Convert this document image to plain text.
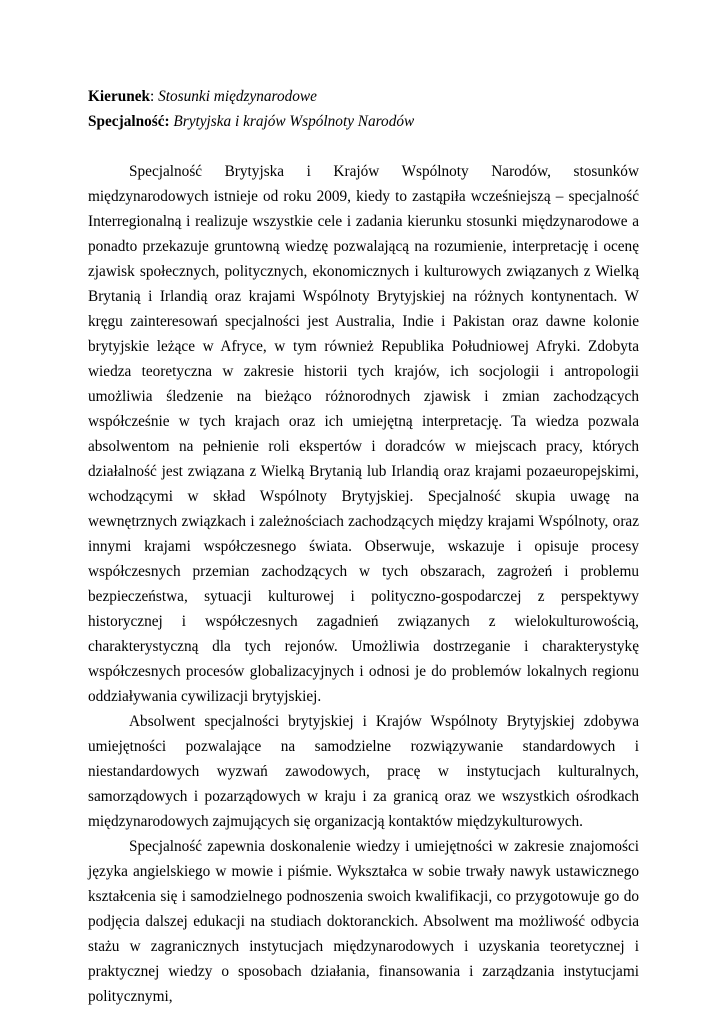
Kierunek: Stosunki międzynarodowe

Specjalność: Brytyjska i krajów Wspólnoty Narodów

Specjalność Brytyjska i Krajów Wspólnoty Narodów, stosunków międzynarodowych istnieje od roku 2009, kiedy to zastąpiła wcześniejszą – specjalność Interregionalną i realizuje wszystkie cele i zadania kierunku stosunki międzynarodowe a ponadto przekazuje gruntowną wiedzę pozwalającą na rozumienie, interpretację i ocenę zjawisk społecznych, politycznych, ekonomicznych i kulturowych związanych z Wielką Brytanią i Irlandią oraz krajami Wspólnoty Brytyjskiej na różnych kontynentach. W kręgu zainteresowań specjalności jest Australia, Indie i Pakistan oraz dawne kolonie brytyjskie leżące w Afryce, w tym również Republika Południowej Afryki. Zdobyta wiedza teoretyczna w zakresie historii tych krajów, ich socjologii i antropologii umożliwia śledzenie na bieżąco różnorodnych zjawisk i zmian zachodzących współcześnie w tych krajach oraz ich umiejętną interpretację. Ta wiedza pozwala absolwentom na pełnienie roli ekspertów i doradców w miejscach pracy, których działalność jest związana z Wielką Brytanią lub Irlandią oraz krajami pozaeuropejskimi, wchodzącymi w skład Wspólnoty Brytyjskiej. Specjalność skupia uwagę na wewnętrznych związkach i zależnościach zachodzących między krajami Wspólnoty, oraz innymi krajami współczesnego świata. Obserwuje, wskazuje i opisuje procesy współczesnych przemian zachodzących w tych obszarach, zagrożeń i problemu bezpieczeństwa, sytuacji kulturowej i polityczno-gospodarczej z perspektywy historycznej i współczesnych zagadnień związanych z wielokulturowością, charakterystyczną dla tych rejonów. Umożliwia dostrzeganie i charakterystykę współczesnych procesów globalizacyjnych i odnosi je do problemów lokalnych regionu oddziaływania cywilizacji brytyjskiej.

Absolwent specjalności brytyjskiej i Krajów Wspólnoty Brytyjskiej zdobywa umiejętności pozwalające na samodzielne rozwiązywanie standardowych i niestandardowych wyzwań zawodowych, pracę w instytucjach kulturalnych, samorządowych i pozarządowych w kraju i za granicą oraz we wszystkich ośrodkach międzynarodowych zajmujących się organizacją kontaktów międzykulturowych.

Specjalność zapewnia doskonalenie wiedzy i umiejętności w zakresie znajomości języka angielskiego w mowie i piśmie. Wykształca w sobie trwały nawyk ustawicznego kształcenia się i samodzielnego podnoszenia swoich kwalifikacji, co przygotowuje go do podjęcia dalszej edukacji na studiach doktoranckich. Absolwent ma możliwość odbycia stażu w zagranicznych instytucjach międzynarodowych i uzyskania teoretycznej i praktycznej wiedzy o sposobach działania, finansowania i zarządzania instytucjami politycznymi,
